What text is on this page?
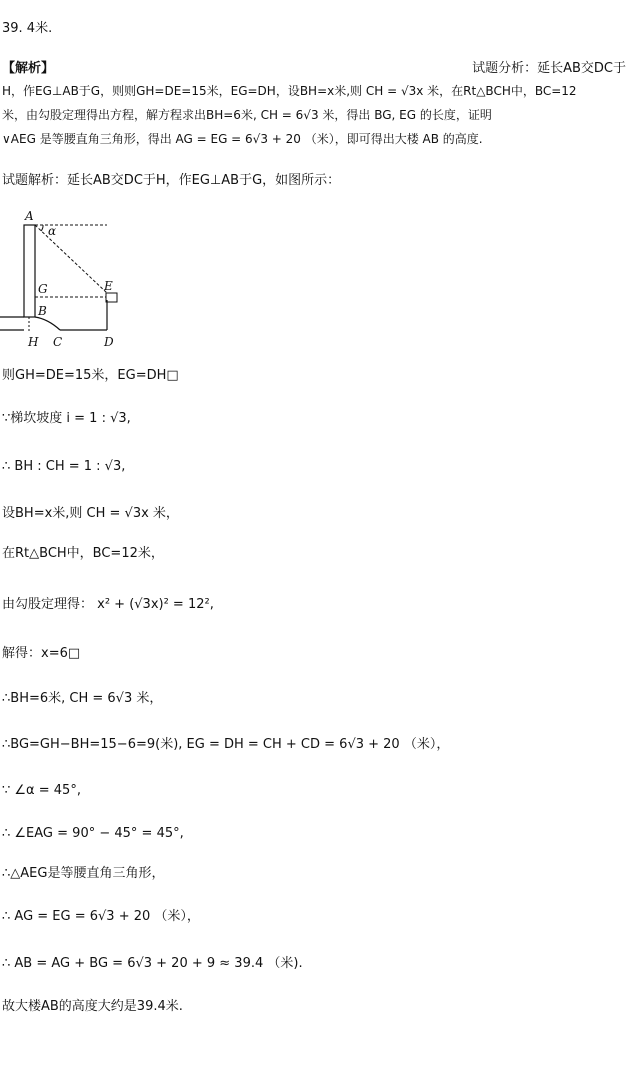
39. 4米.
【解析】	试题分析：延长AB交DC于
H，作EG⊥AB于G，则则GH=DE=15米，EG=DH，设BH=x米,则 CH = √3x 米，在Rt△BCH中，BC=12
米，由勾股定理得出方程，解方程求出BH=6米, CH = 6√3 米，得出 BG, EG 的长度，证明
∨AEG 是等腰直角三角形，得出 AG = EG = 6√3 + 20 （米），即可得出大楼 AB 的高度.
试题解析：延长AB交DC于H，作EG⊥AB于G，如图所示：
A
α
E
G
B
H C	D
则GH=DE=15米，EG=DH□
∵梯坎坡度 i = 1 : √3,
∴ BH : CH = 1 : √3,
设BH=x米,则 CH = √3x 米，
在Rt△BCH中，BC=12米，
由勾股定理得： x² + (√3x)² = 12²,
解得：x=6□
∴BH=6米, CH = 6√3 米，
∴BG=GH−BH=15−6=9(米), EG = DH = CH + CD = 6√3 + 20 （米），
∵ ∠α = 45°,
∴ ∠EAG = 90° − 45° = 45°,
∴△AEG是等腰直角三角形，
∴ AG = EG = 6√3 + 20 （米），
∴ AB = AG + BG = 6√3 + 20 + 9 ≈ 39.4 （米).
故大楼AB的高度大约是39.4米.
